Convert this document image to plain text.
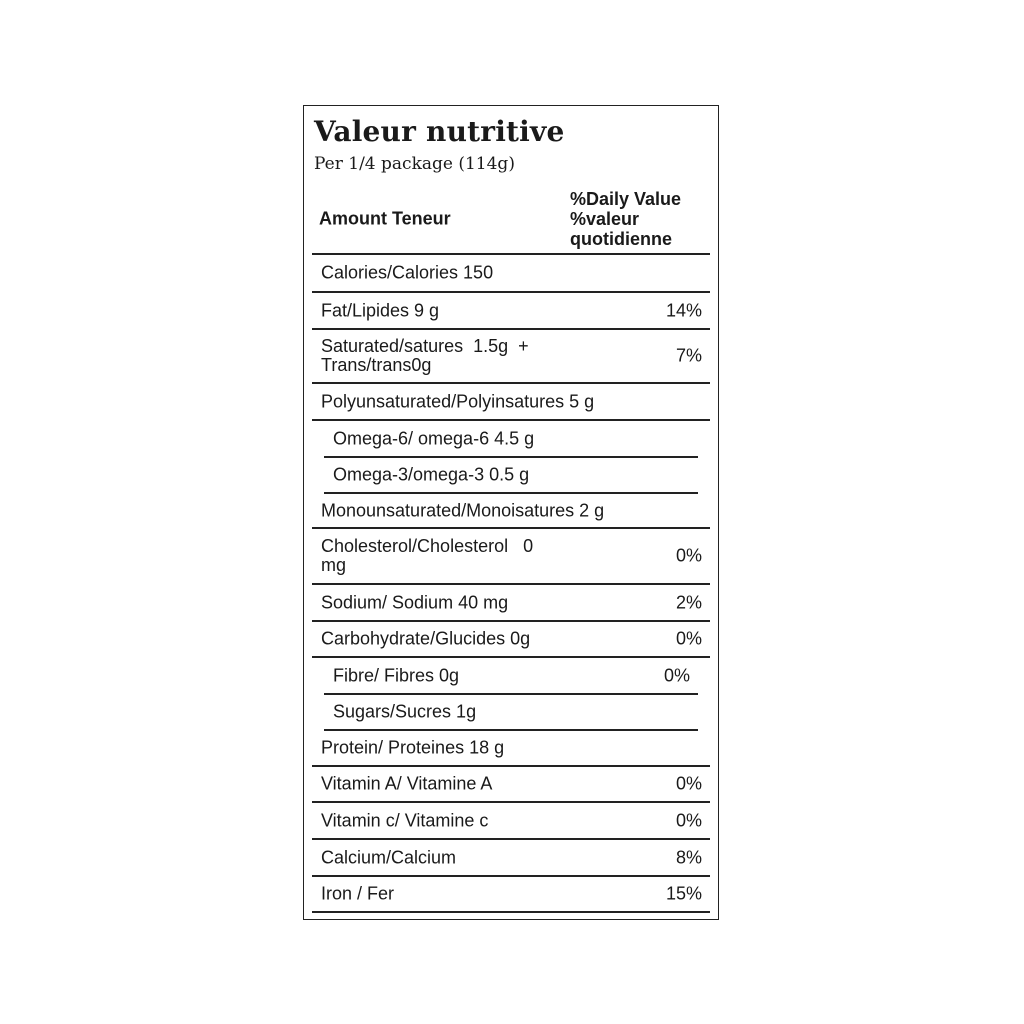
Valeur nutritive
Per 1/4 package (114g)
Amount Teneur
%Daily Value
%valeur
quotidienne
Calories/Calories 150
Fat/Lipides 9 g	14%
Saturated/satures  1.5g  +
Trans/trans0g	7%
Polyunsaturated/Polyinsatures 5 g
Omega-6/ omega-6 4.5 g
Omega-3/omega-3 0.5 g
Monounsaturated/Monoisatures 2 g
Cholesterol/Cholesterol   0
mg	0%
Sodium/ Sodium 40 mg	2%
Carbohydrate/Glucides 0g	0%
Fibre/ Fibres 0g	0%
Sugars/Sucres 1g
Protein/ Proteines 18 g
Vitamin A/ Vitamine A	0%
Vitamin c/ Vitamine c	0%
Calcium/Calcium	8%
Iron / Fer	15%
